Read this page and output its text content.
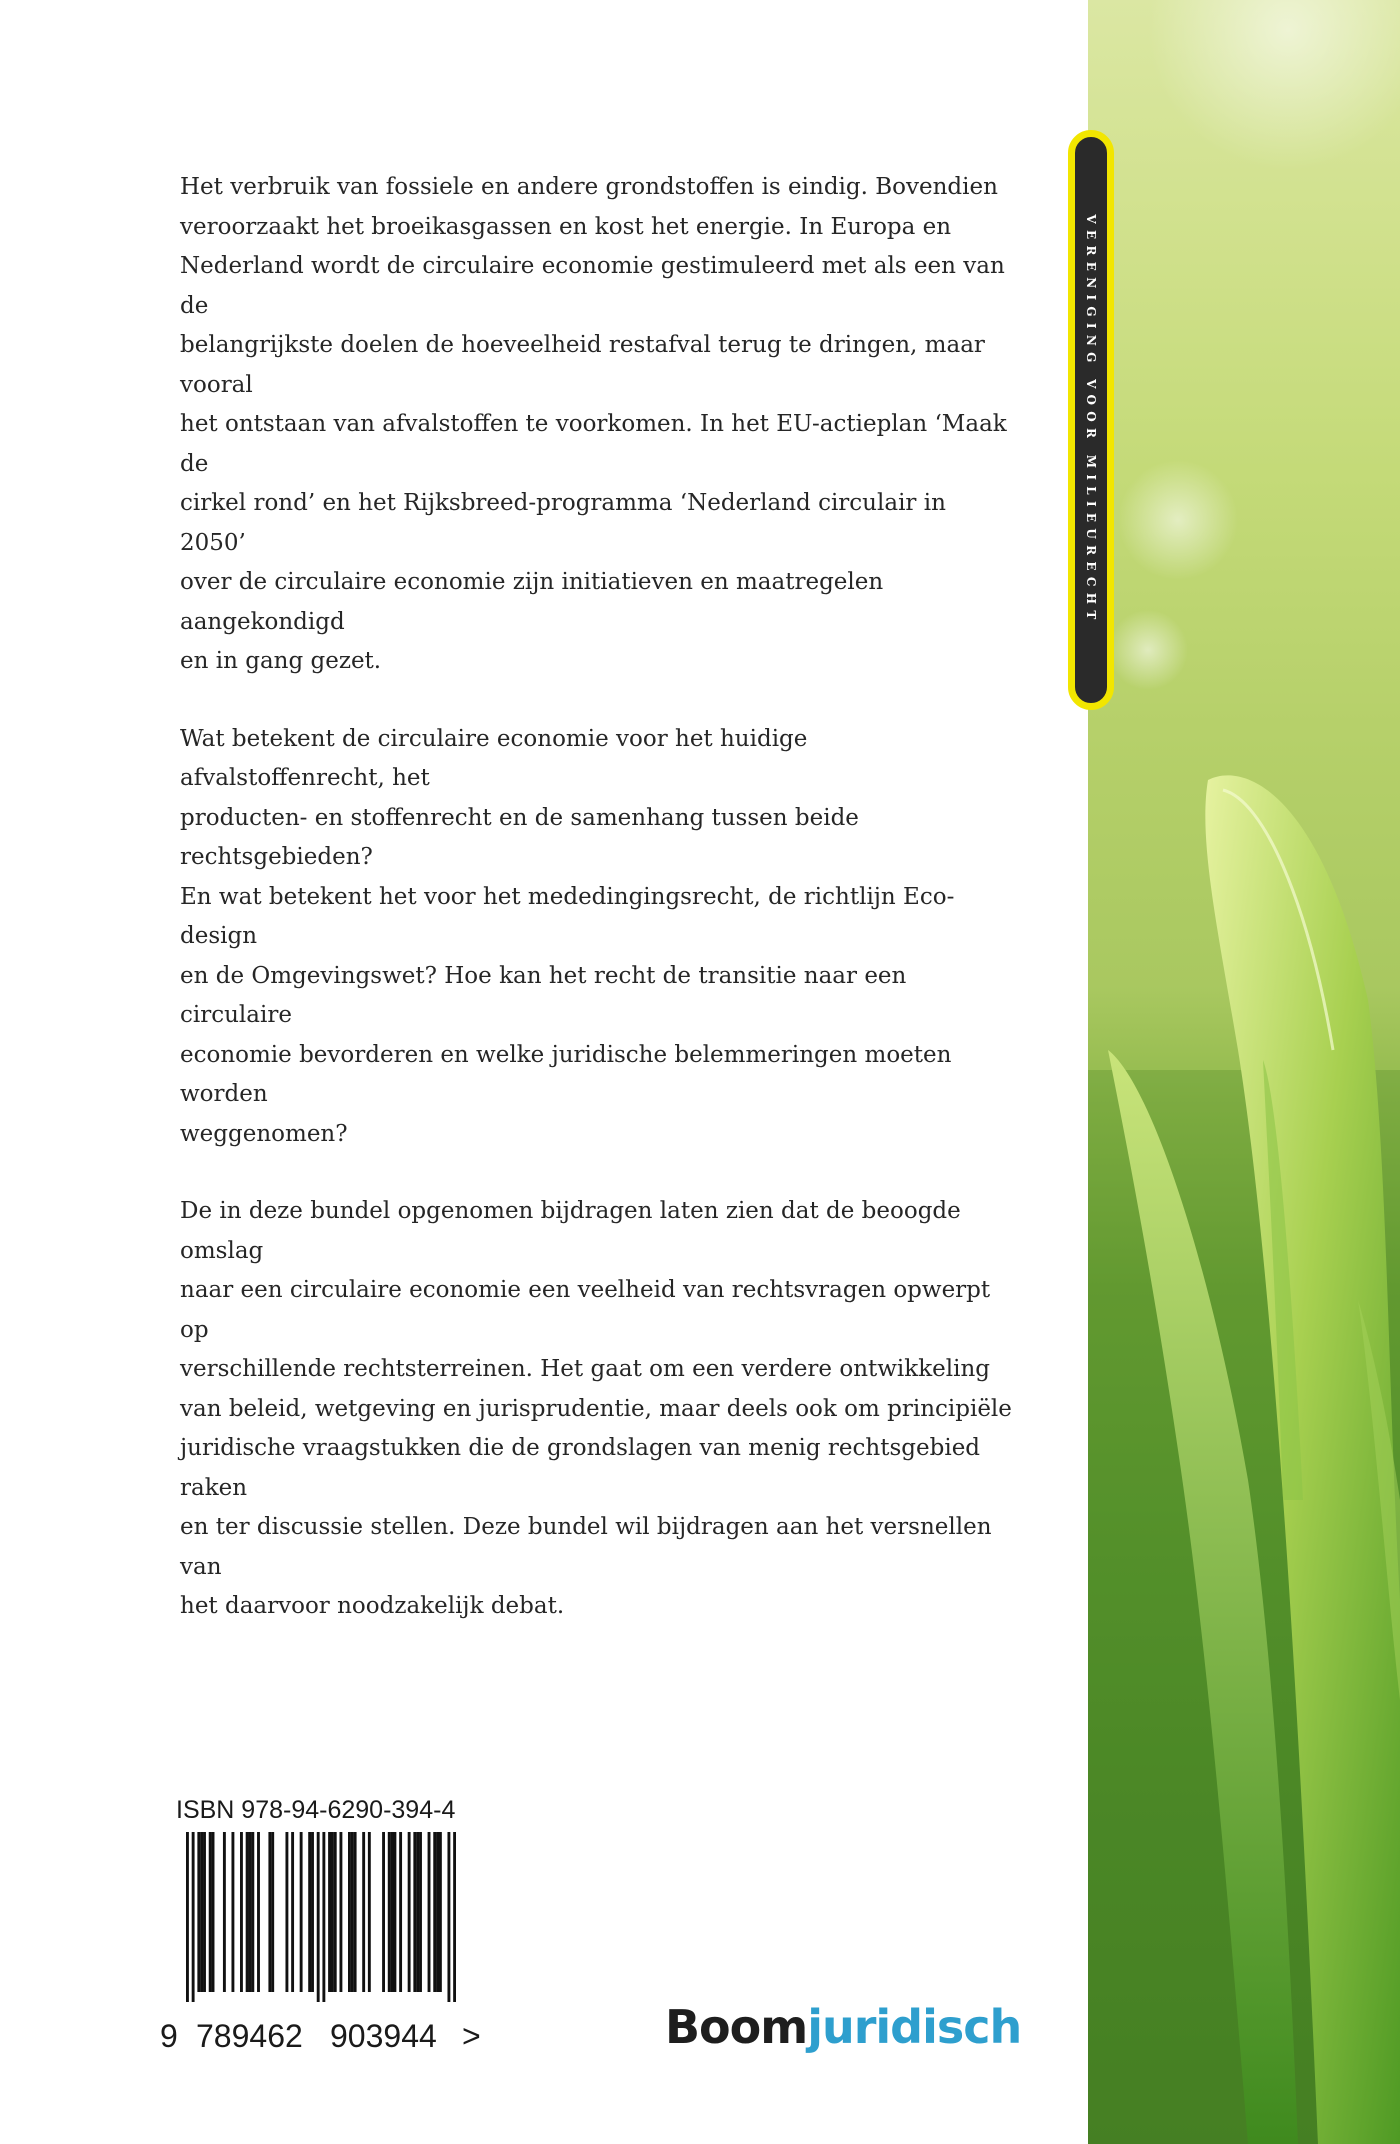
Het verbruik van fossiele en andere grondstoffen is eindig. Bovendien
veroorzaakt het broeikasgassen en kost het energie. In Europa en
Nederland wordt de circulaire economie gestimuleerd met als een van de
belangrijkste doelen de hoeveelheid restafval terug te dringen, maar vooral
het ontstaan van afvalstoffen te voorkomen. In het EU-actieplan ‘Maak de
cirkel rond’ en het Rijksbreed-programma ‘Nederland circulair in 2050’
over de circulaire economie zijn initiatieven en maatregelen aangekondigd
en in gang gezet.

Wat betekent de circulaire economie voor het huidige afvalstoffenrecht, het
producten- en stoffenrecht en de samenhang tussen beide rechtsgebieden?
En wat betekent het voor het mededingingsrecht, de richtlijn Eco-design
en de Omgevingswet? Hoe kan het recht de transitie naar een circulaire
economie bevorderen en welke juridische belemmeringen moeten worden
weggenomen?

De in deze bundel opgenomen bijdragen laten zien dat de beoogde omslag
naar een circulaire economie een veelheid van rechtsvragen opwerpt op
verschillende rechtsterreinen. Het gaat om een verdere ontwikkeling
van beleid, wetgeving en jurisprudentie, maar deels ook om principiële
juridische vraagstukken die de grondslagen van menig rechtsgebied raken
en ter discussie stellen. Deze bundel wil bijdragen aan het versnellen van
het daarvoor noodzakelijk debat.

VERENIGING VOOR MILIEURECHT
ISBN 978-94-6290-394-4
9 789462 903944 >	Boomjuridisch
